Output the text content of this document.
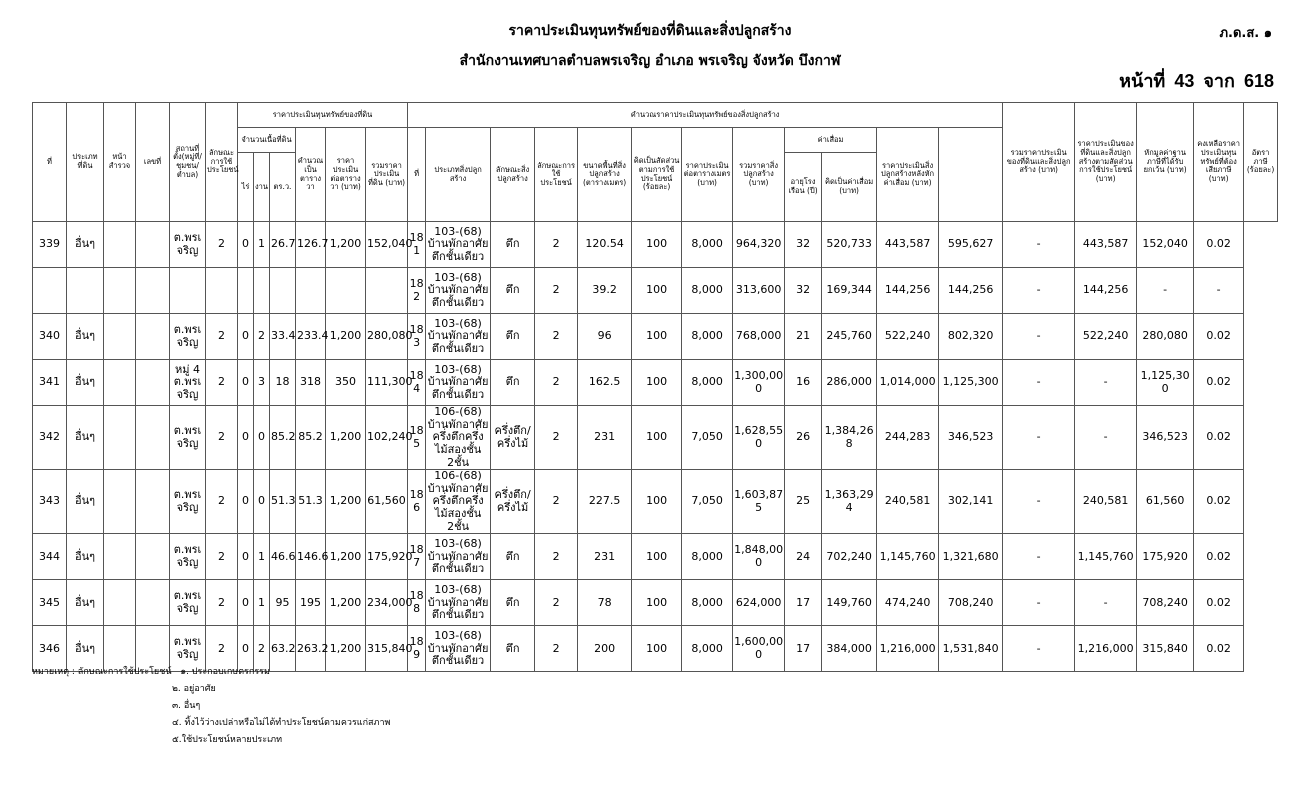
ราคาประเมินทุนทรัพย์ของที่ดินและสิ่งปลูกสร้าง
สำนักงานเทศบาลตำบลพรเจริญ อำเภอ พรเจริญ จังหวัด บึงกาฬ
ภ.ด.ส. ๑
หน้าที่ 43 จาก 618
ที่	ประเภทที่ดิน	หน้าสำรวจ	เลขที่	สถานที่ตั้ง(หมู่ที่/ชุมชน/ตำบล)	ลักษณะการใช้ประโยชน์	ราคาประเมินทุนทรัพย์ของที่ดิน						คำนวณราคาประเมินทุนทรัพย์ของสิ่งปลูกสร้าง												รวมราคาประเมินของที่ดินและสิ่งปลูกสร้าง (บาท)	ราคาประเมินของที่ดินและสิ่งปลูกสร้างตามสัดส่วนการใช้ประโยชน์ (บาท)	หักมูลค่าฐานภาษีที่ได้รับยกเว้น (บาท)	คงเหลือราคาประเมินทุนทรัพย์ที่ต้องเสียภาษี (บาท)	อัตราภาษี (ร้อยละ)
						จำนวนเนื้อที่ดิน			คำนวณเป็นตารางวา	ราคาประเมินต่อตารางวา (บาท)	รวมราคาประเมินที่ดิน (บาท)	ที่	ประเภทสิ่งปลูกสร้าง	ลักษณะสิ่งปลูกสร้าง	ลักษณะการใช้ประโยชน์	ขนาดพื้นที่สิ่งปลูกสร้าง (ตารางเมตร)	คิดเป็นสัดส่วนตามการใช้ประโยชน์ (ร้อยละ)	ราคาประเมินต่อตารางเมตร (บาท)	รวมราคาสิ่งปลูกสร้าง (บาท)	ค่าเสื่อม		ราคาประเมินสิ่งปลูกสร้างหลังหักค่าเสื่อม (บาท)						
						ไร่	งาน	ตร.ว.												อายุโรงเรือน (ปี)	คิดเป็นค่าเสื่อม (บาท)							
339	อื่นๆ			ต.พรเจริญ	2	0	1	26.7	126.7	1,200	152,040	181	103-(68) บ้านพักอาศัยตึกชั้นเดียว	ตึก	2	120.54	100	8,000	964,320	32	520,733	443,587	595,627	-	443,587	152,040	0.02	
												182	103-(68) บ้านพักอาศัยตึกชั้นเดียว	ตึก	2	39.2	100	8,000	313,600	32	169,344	144,256	144,256	-	144,256	-	-	
340	อื่นๆ			ต.พรเจริญ	2	0	2	33.4	233.4	1,200	280,080	183	103-(68) บ้านพักอาศัยตึกชั้นเดียว	ตึก	2	96	100	8,000	768,000	21	245,760	522,240	802,320	-	522,240	280,080	0.02	
341	อื่นๆ			หมู่ 4 ต.พรเจริญ	2	0	3	18	318	350	111,300	184	103-(68) บ้านพักอาศัยตึกชั้นเดียว	ตึก	2	162.5	100	8,000	1,300,000	16	286,000	1,014,000	1,125,300	-	-	1,125,300	0.02	
342	อื่นๆ			ต.พรเจริญ	2	0	0	85.2	85.2	1,200	102,240	185	106-(68) บ้านพักอาศัยครึ่งตึกครึ่งไม้สองชั้น 2ชั้น	ครึ่งตึก/ครึ่งไม้	2	231	100	7,050	1,628,550	26	1,384,268	244,283	346,523	-	-	346,523	0.02	
343	อื่นๆ			ต.พรเจริญ	2	0	0	51.3	51.3	1,200	61,560	186	106-(68) บ้านพักอาศัยครึ่งตึกครึ่งไม้สองชั้น 2ชั้น	ครึ่งตึก/ครึ่งไม้	2	227.5	100	7,050	1,603,875	25	1,363,294	240,581	302,141	-	240,581	61,560	0.02	
344	อื่นๆ			ต.พรเจริญ	2	0	1	46.6	146.6	1,200	175,920	187	103-(68) บ้านพักอาศัยตึกชั้นเดียว	ตึก	2	231	100	8,000	1,848,000	24	702,240	1,145,760	1,321,680	-	1,145,760	175,920	0.02	
345	อื่นๆ			ต.พรเจริญ	2	0	1	95	195	1,200	234,000	188	103-(68) บ้านพักอาศัยตึกชั้นเดียว	ตึก	2	78	100	8,000	624,000	17	149,760	474,240	708,240	-	-	708,240	0.02	
346	อื่นๆ			ต.พรเจริญ	2	0	2	63.2	263.2	1,200	315,840	189	103-(68) บ้านพักอาศัยตึกชั้นเดียว	ตึก	2	200	100	8,000	1,600,000	17	384,000	1,216,000	1,531,840	-	1,216,000	315,840	0.02	
หมายเหตุ : ลักษณะการใช้ประโยชน์ ๑. ประกอบเกษตรกรรม
๒. อยู่อาศัย
๓. อื่นๆ
๔. ทิ้งไว้ว่างเปล่าหรือไม่ได้ทำประโยชน์ตามควรแก่สภาพ
๕.ใช้ประโยชน์หลายประเภท
